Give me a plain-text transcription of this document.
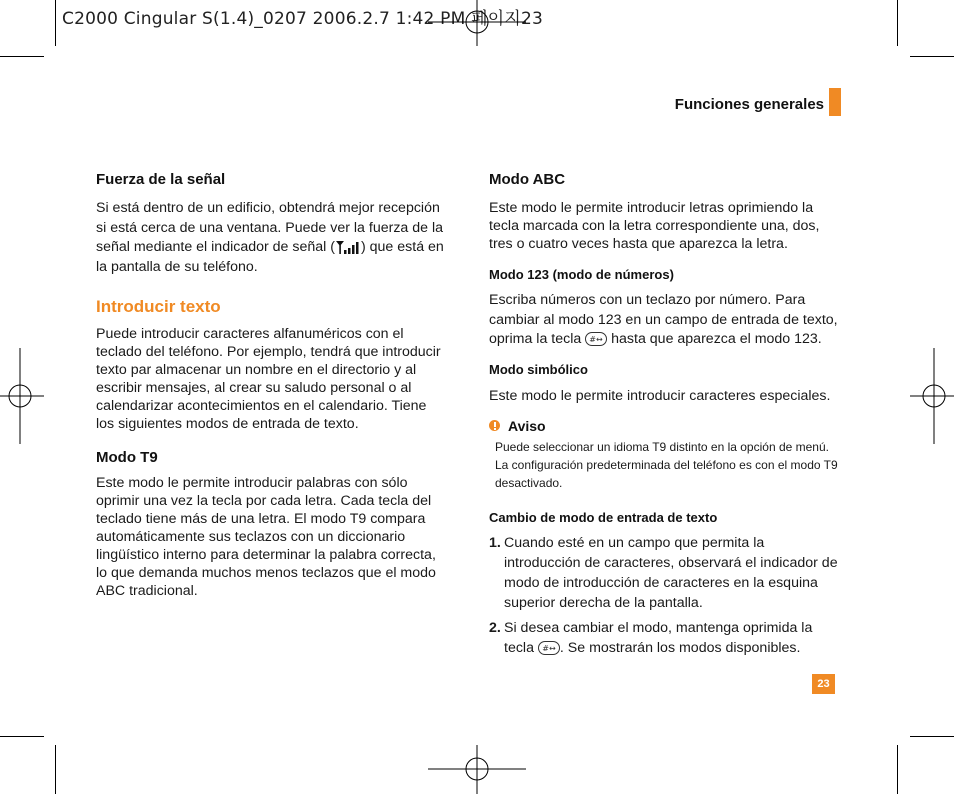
C2000 Cingular S(1.4)_0207 2006.2.7 1:42 PM 페이지23
Funciones generales
Fuerza de la señal

Si está dentro de un edificio, obtendrá mejor recepción si está cerca de una ventana. Puede ver la fuerza de la señal mediante el indicador de señal ( ) que está en la pantalla de su teléfono.

Introducir texto

Puede introducir caracteres alfanuméricos con el teclado del teléfono. Por ejemplo, tendrá que introducir texto par almacenar un nombre en el directorio y al escribir mensajes, al crear su saludo personal o al calendarizar acontecimientos en el calendario. Tiene los siguientes modos de entrada de texto.

Modo T9

Este modo le permite introducir palabras con sólo oprimir una vez la tecla por cada letra. Cada tecla del teclado tiene más de una letra. El modo T9 compara automáticamente sus teclazos con un diccionario lingüístico interno para determinar la palabra correcta, lo que demanda muchos menos teclazos que el modo ABC tradicional.

Modo ABC

Este modo le permite introducir letras oprimiendo la tecla marcada con la letra correspondiente una, dos, tres o cuatro veces hasta que aparezca la letra.

Modo 123 (modo de números)

Escriba números con un teclazo por número. Para cambiar al modo 123 en un campo de entrada de texto, oprima la tecla #↔ hasta que aparezca el modo 123.

Modo simbólico

Este modo le permite introducir caracteres especiales.

Aviso

Puede seleccionar un idioma T9 distinto en la opción de menú. La configuración predeterminada del teléfono es con el modo T9 desactivado.

Cambio de modo de entrada de texto
1. Cuando esté en un campo que permita la introducción de caracteres, observará el indicador de modo de introducción de caracteres en la esquina superior derecha de la pantalla.
2. Si desea cambiar el modo, mantenga oprimida la tecla #↔ . Se mostrarán los modos disponibles.
23
